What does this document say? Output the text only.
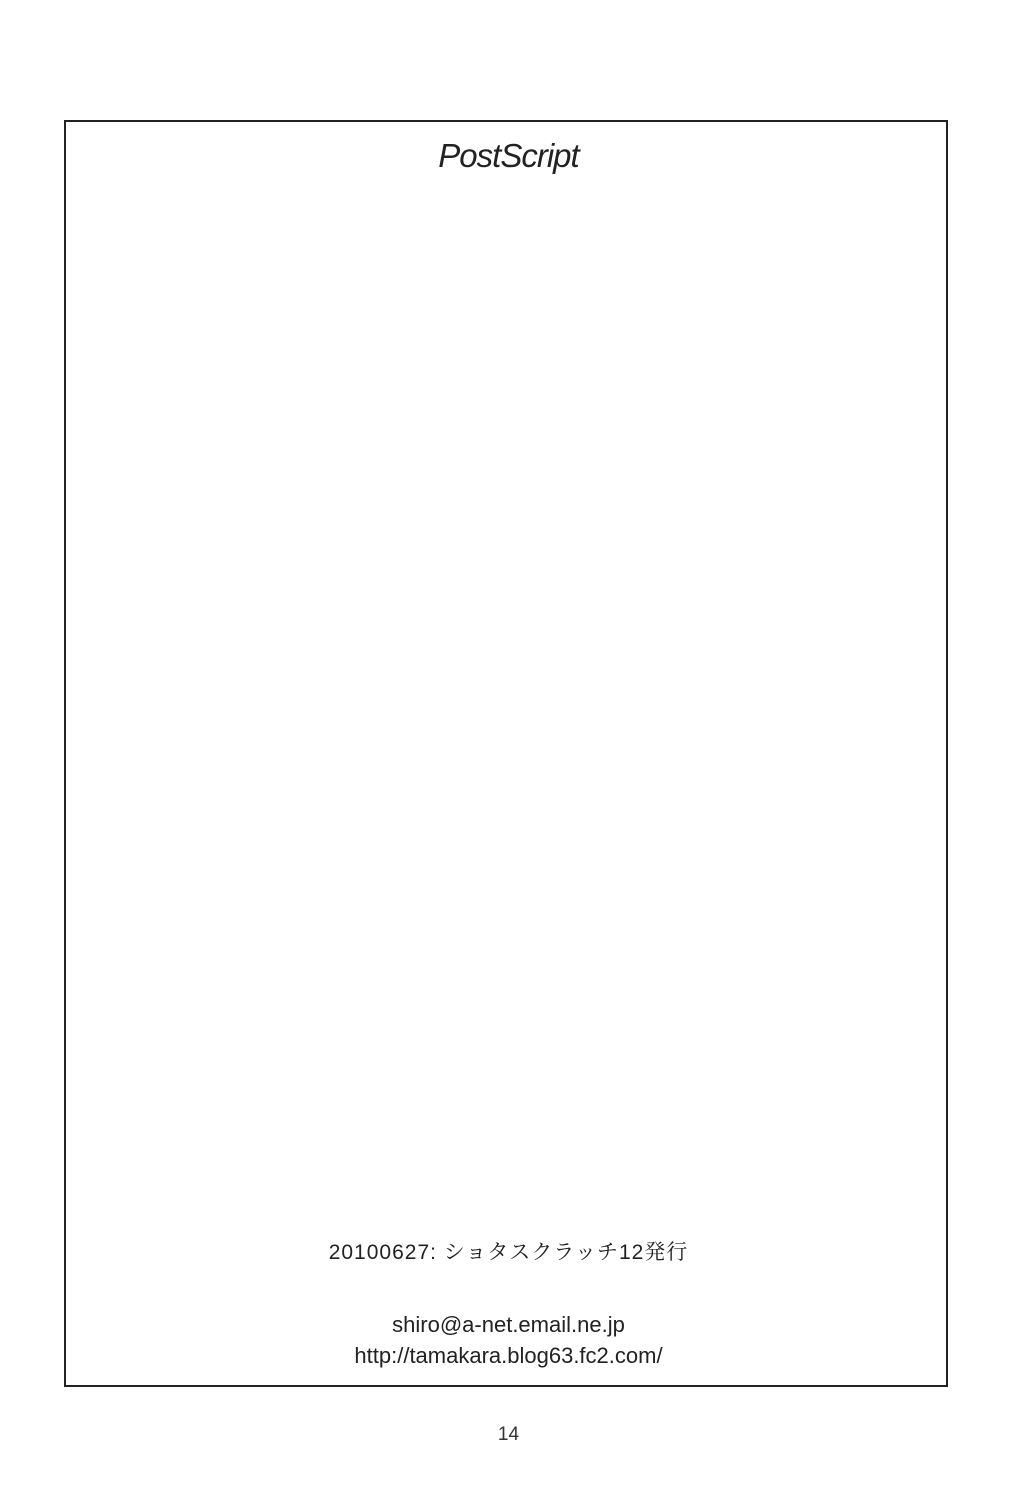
PostScript
20100627: ショタスクラッチ12発行
shiro@a-net.email.ne.jp
http://tamakara.blog63.fc2.com/
14
